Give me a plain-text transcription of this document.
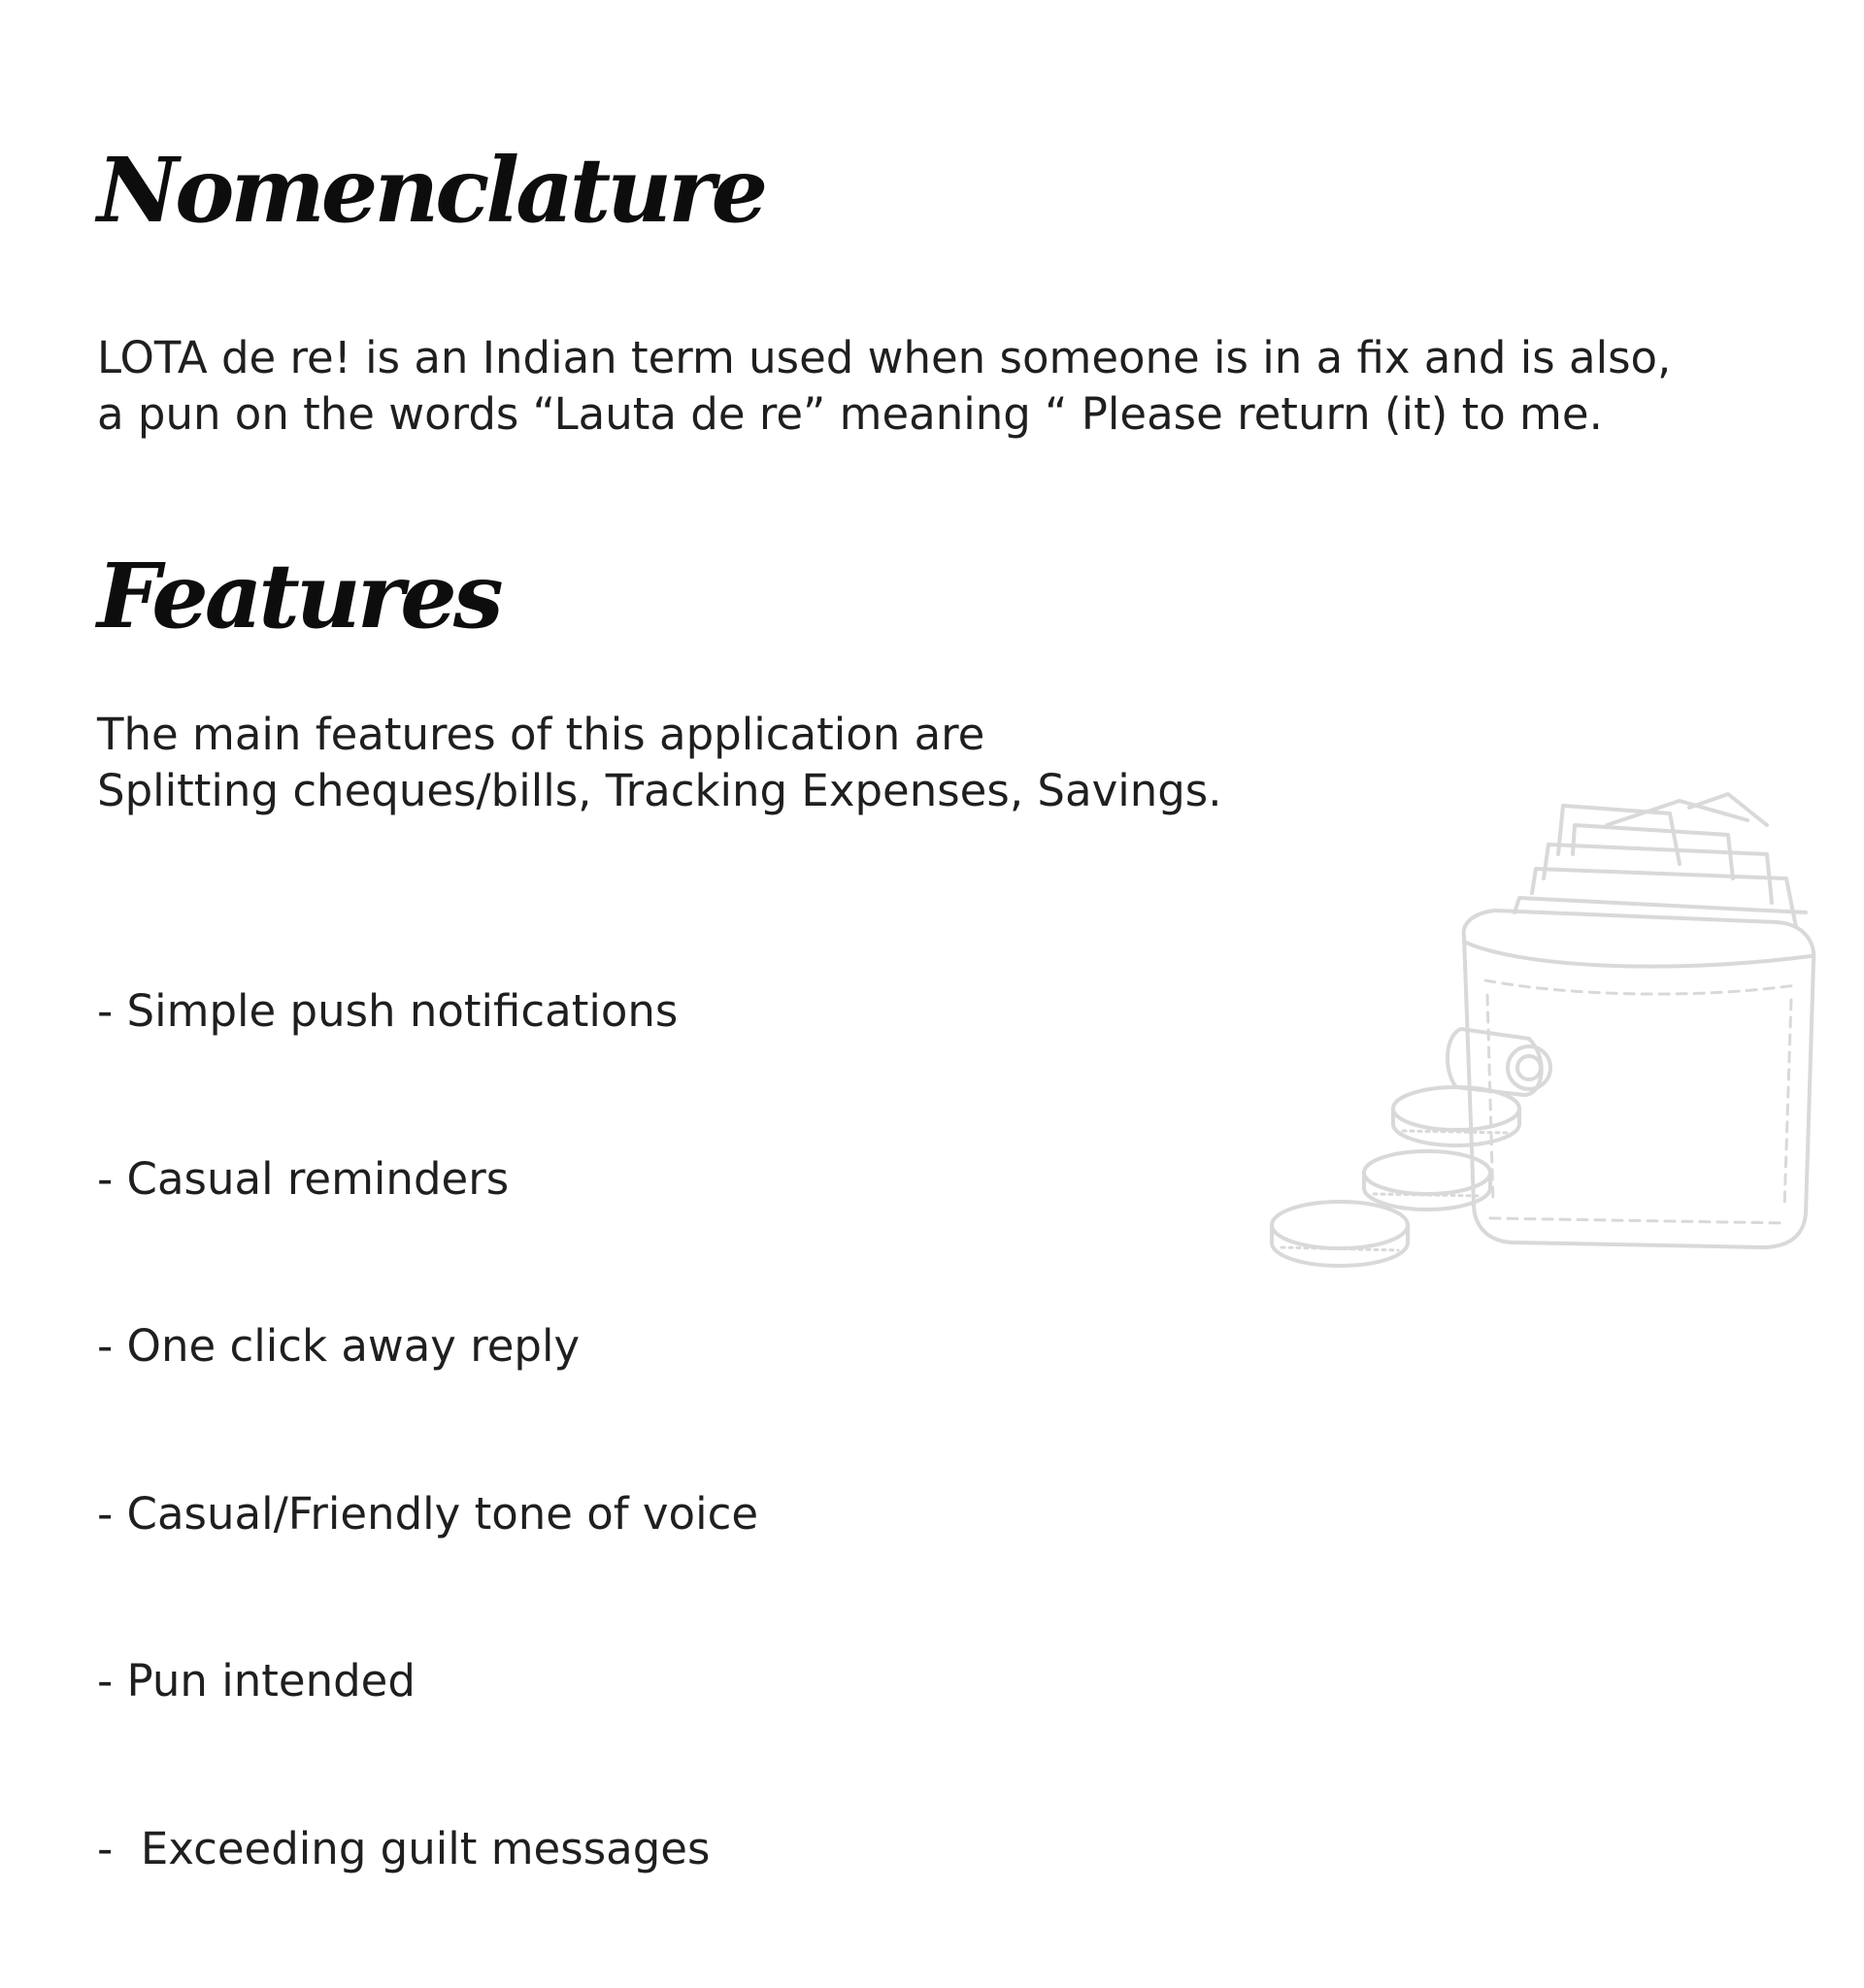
Nomenclature

LOTA de re! is an Indian term used when someone is in a fix and is also,
a pun on the words “Lauta de re” meaning “ Please return (it) to me.

Features

The main features of this application are
Splitting cheques/bills, Tracking Expenses, Savings.

- Simple push notifications

- Casual reminders

- One click away reply

- Casual/Friendly tone of voice

- Pun intended

-  Exceeding guilt messages
